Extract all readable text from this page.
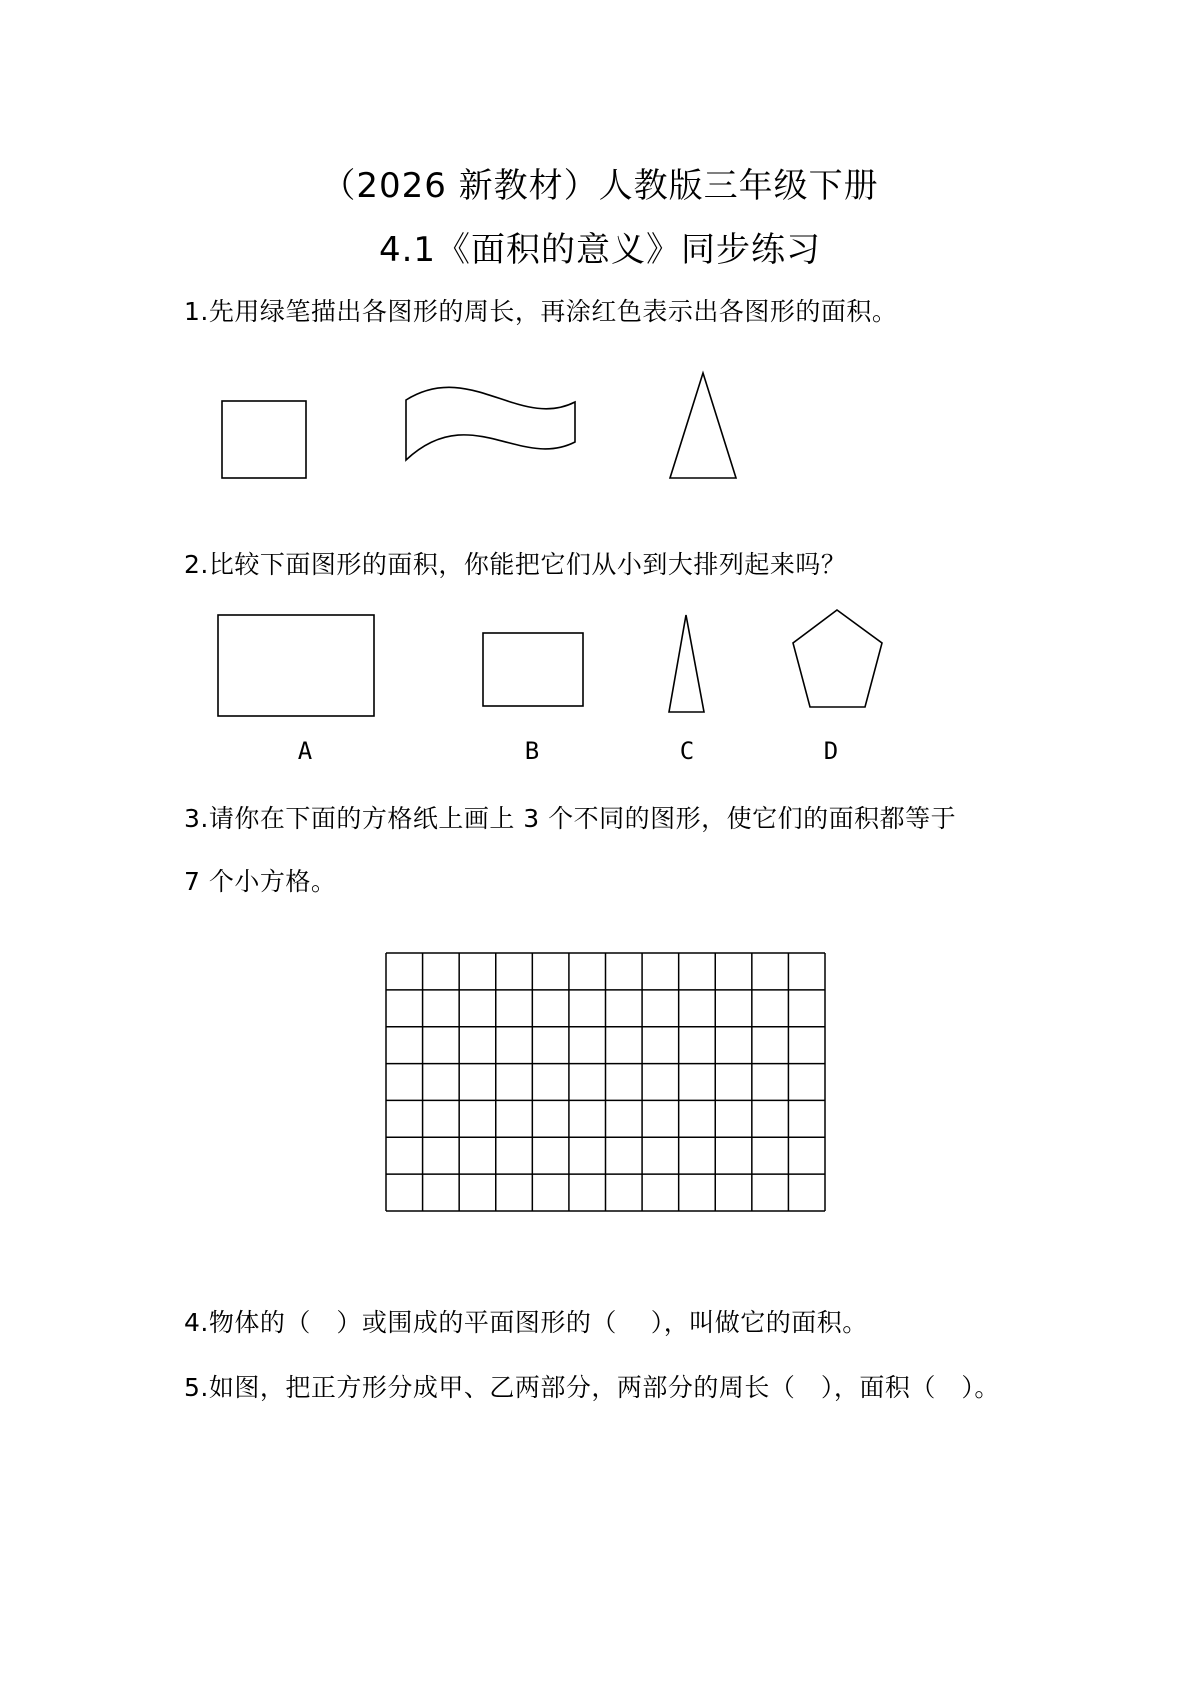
（2026 新教材）人教版三年级下册
4.1《面积的意义》同步练习
1.先用绿笔描出各图形的周长，再涂红色表示出各图形的面积。
2.比较下面图形的面积，你能把它们从小到大排列起来吗？
A	B	C	D
3.请你在下面的方格纸上画上 3 个不同的图形，使它们的面积都等于
7 个小方格。
4.物体的（　）或围成的平面图形的（　 ），叫做它的面积。
5.如图，把正方形分成甲、乙两部分，两部分的周长（　），面积（　）。
